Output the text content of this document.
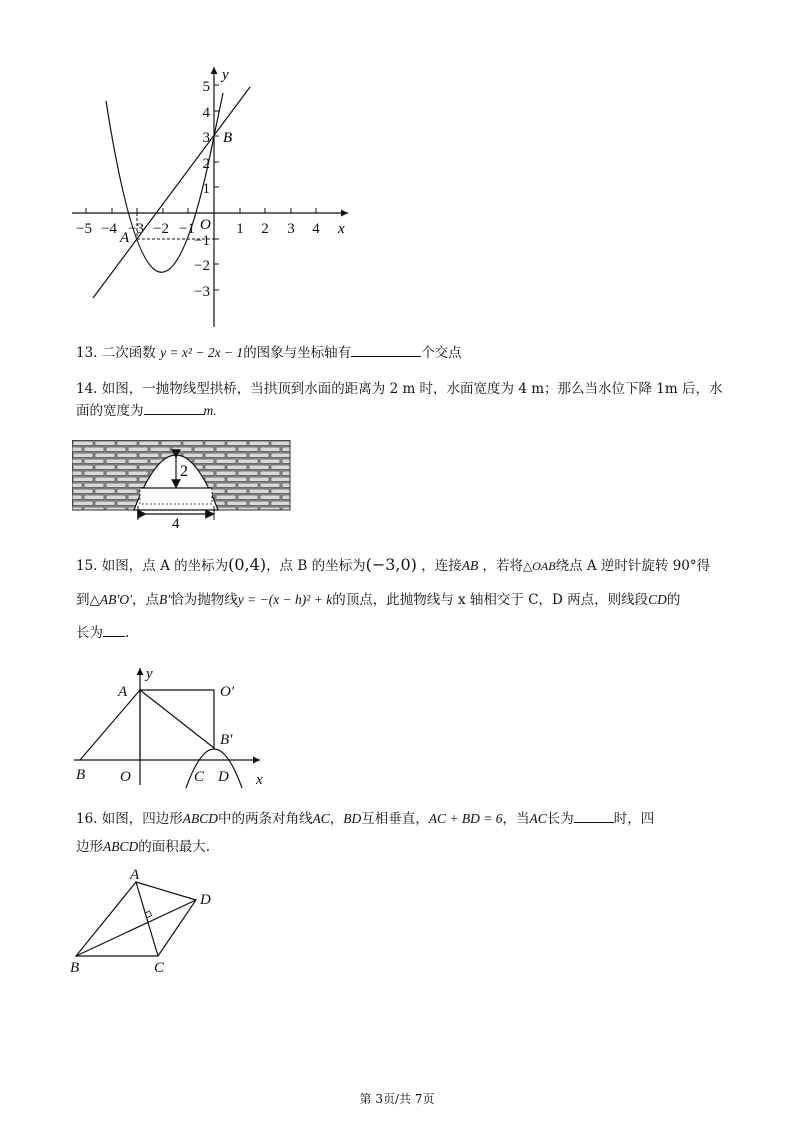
−5 −4 −3 −2 −1	1 2 3 4
5
4
3
2
1
−1
−2
−3
x
y
O
A
B
13. 二次函数 y = x² − 2x − 1的图象与坐标轴有	个交点
14. 如图，一抛物线型拱桥，当拱顶到水面的距离为 2 m 时，水面宽度为 4 m；那么当水位下降 1m 后，水
面的宽度为	m.
2
4
15. 如图，点 A 的坐标为(0,4)，点 B 的坐标为(−3,0) ，连接AB ，若将△OAB绕点 A 逆时针旋转 90°得
到△AB′O′，点B′恰为抛物线y = −(x − h)² + k的顶点，此抛物线与 x 轴相交于 C，D 两点，则线段CD的
长为 .
A	O′
B′
B O	C D x
y
16. 如图，四边形ABCD中的两条对角线AC，BD互相垂直，AC + BD = 6，当AC长为	时，四
边形ABCD的面积最大.
A
D
B	C
第 3页/共 7页
